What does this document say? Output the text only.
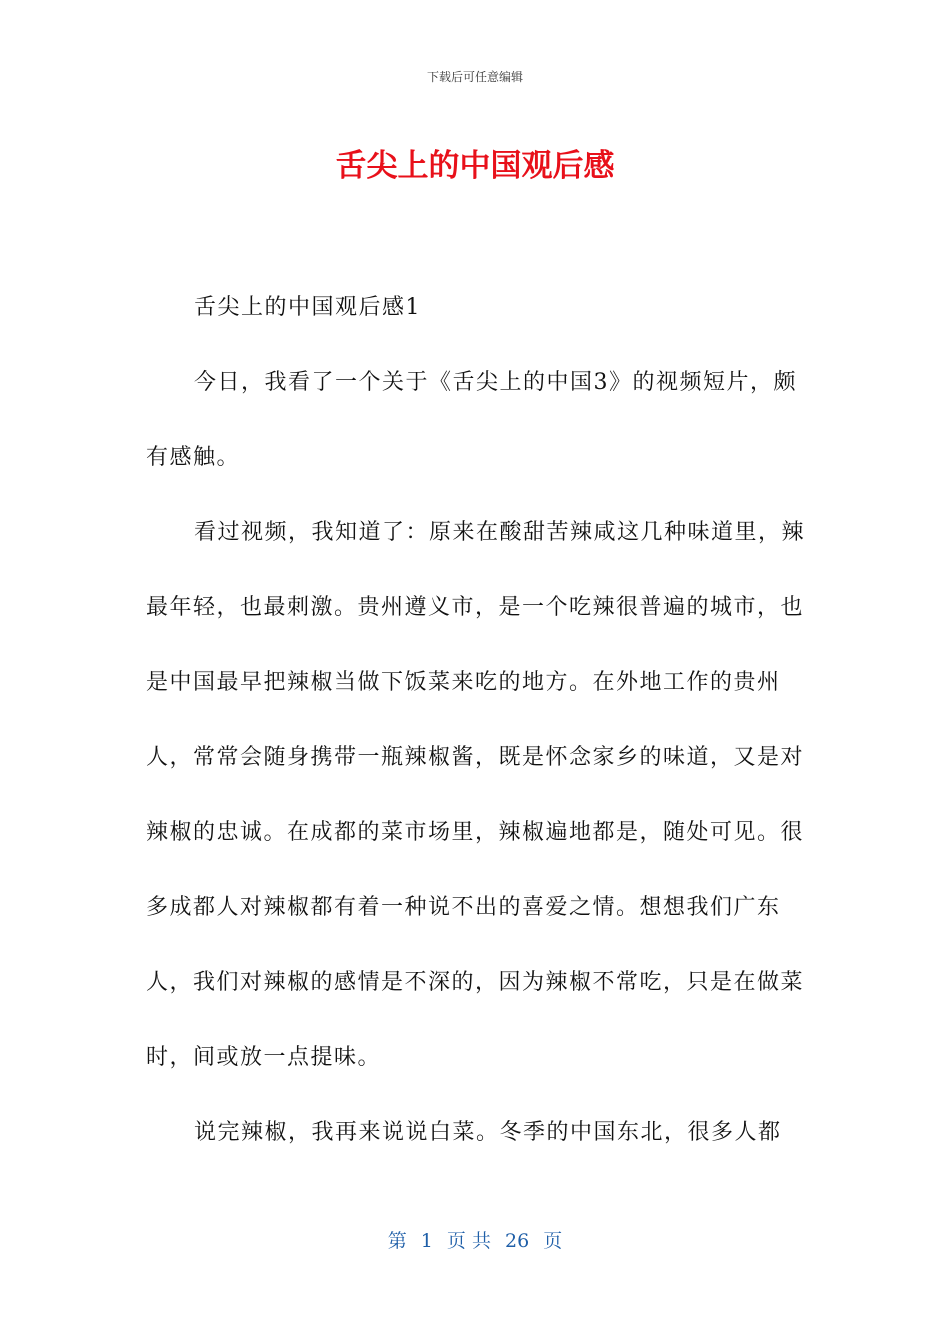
下载后可任意编辑
舌尖上的中国观后感

舌尖上的中国观后感1

今日，我看了一个关于《舌尖上的中国3》的视频短片，颇有感触。

看过视频，我知道了：原来在酸甜苦辣咸这几种味道里，辣最年轻，也最刺激。贵州遵义市，是一个吃辣很普遍的城市，也是中国最早把辣椒当做下饭菜来吃的地方。在外地工作的贵州人，常常会随身携带一瓶辣椒酱，既是怀念家乡的味道，又是对辣椒的忠诚。在成都的菜市场里，辣椒遍地都是，随处可见。很多成都人对辣椒都有着一种说不出的喜爱之情。想想我们广东人，我们对辣椒的感情是不深的，因为辣椒不常吃，只是在做菜时，间或放一点提味。

说完辣椒，我再来说说白菜。冬季的中国东北，很多人都

第 1 页 共 26 页
